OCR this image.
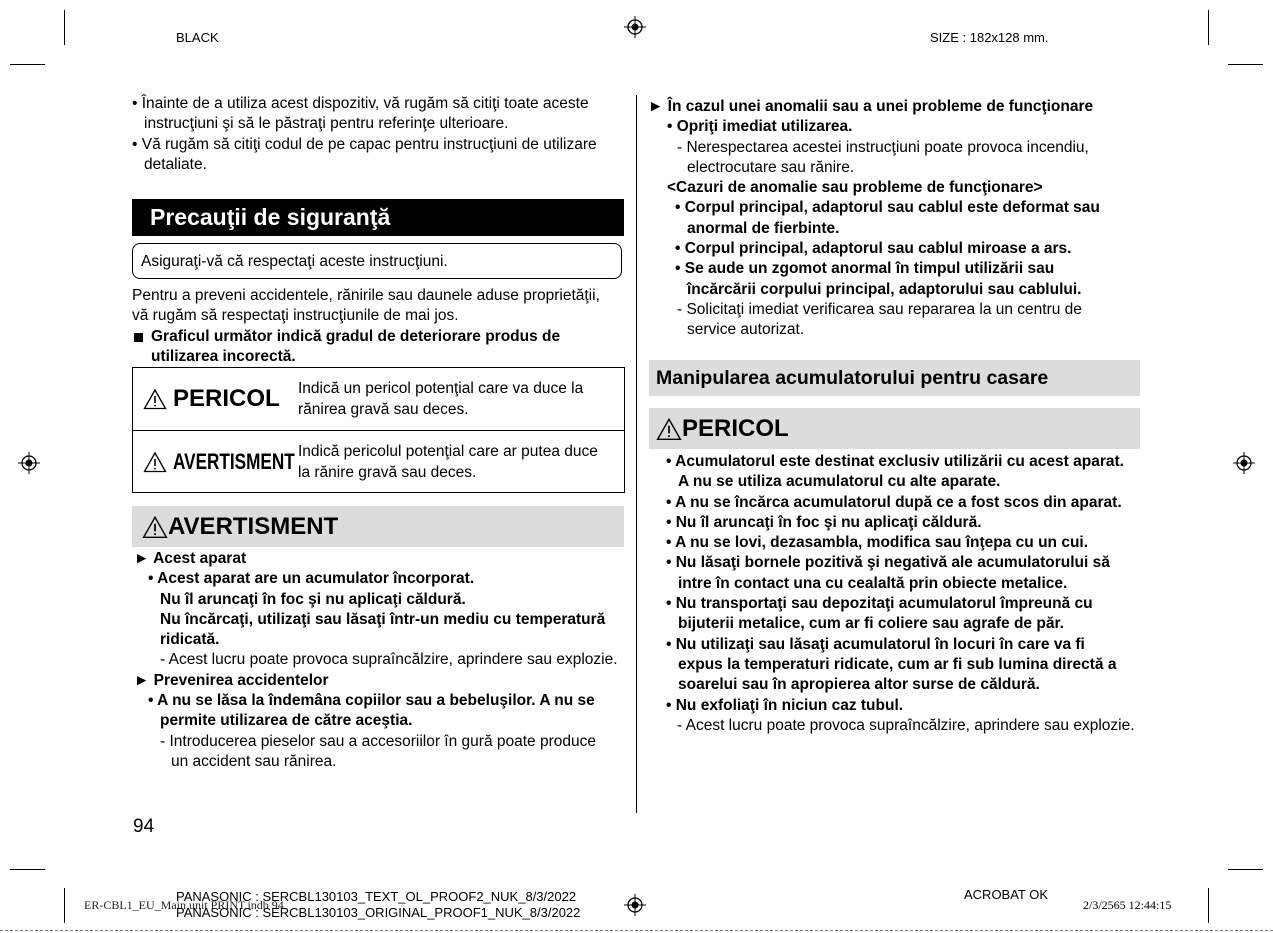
BLACK	SIZE : 182x128 mm.
• Înainte de a utiliza acest dispozitiv, vă rugăm să citiţi toate aceste
instrucţiuni şi să le păstraţi pentru referinţe ulterioare.
• Vă rugăm să citiţi codul de pe capac pentru instrucţiuni de utilizare
detaliate.
Precauţii de siguranţă
Asiguraţi-vă că respectaţi aceste instrucţiuni.
Pentru a preveni accidentele, rănirile sau daunele aduse proprietăţii,
vă rugăm să respectaţi instrucţiunile de mai jos.
Graficul următor indică gradul de deteriorare produs de
utilizarea incorectă.
PERICOL Indică un pericol potenţial care va duce la
rănirea gravă sau deces.
AVERTISMENT Indică pericolul potenţial care ar putea duce
la rănire gravă sau deces.
AVERTISMENT
► Acest aparat
• Acest aparat are un acumulator încorporat.
Nu îl aruncaţi în foc şi nu aplicaţi căldură.
Nu încărcaţi, utilizaţi sau lăsaţi într-un mediu cu temperatură
ridicată.
- Acest lucru poate provoca supraîncălzire, aprindere sau explozie.
► Prevenirea accidentelor
• A nu se lăsa la îndemâna copiilor sau a bebeluşilor. A nu se
permite utilizarea de către aceştia.
- Introducerea pieselor sau a accesoriilor în gură poate produce
un accident sau rănirea.
94
► În cazul unei anomalii sau a unei probleme de funcţionare
• Opriţi imediat utilizarea.
- Nerespectarea acestei instrucţiuni poate provoca incendiu,
electrocutare sau rănire.
<Cazuri de anomalie sau probleme de funcţionare>
• Corpul principal, adaptorul sau cablul este deformat sau
anormal de fierbinte.
• Corpul principal, adaptorul sau cablul miroase a ars.
• Se aude un zgomot anormal în timpul utilizării sau
încărcării corpului principal, adaptorului sau cablului.
- Solicitaţi imediat verificarea sau repararea la un centru de
service autorizat.
Manipularea acumulatorului pentru casare
PERICOL
• Acumulatorul este destinat exclusiv utilizării cu acest aparat.
A nu se utiliza acumulatorul cu alte aparate.
• A nu se încărca acumulatorul după ce a fost scos din aparat.
• Nu îl aruncaţi în foc şi nu aplicaţi căldură.
• A nu se lovi, dezasambla, modifica sau înţepa cu un cui.
• Nu lăsaţi bornele pozitivă şi negativă ale acumulatorului să
intre în contact una cu cealaltă prin obiecte metalice.
• Nu transportaţi sau depozitaţi acumulatorul împreună cu
bijuterii metalice, cum ar fi coliere sau agrafe de păr.
• Nu utilizaţi sau lăsaţi acumulatorul în locuri în care va fi
expus la temperaturi ridicate, cum ar fi sub lumina directă a
soarelui sau în apropierea altor surse de căldură.
• Nu exfoliaţi în niciun caz tubul.
- Acest lucru poate provoca supraîncălzire, aprindere sau explozie.
ER-CBL1_EU_Main unit PRINT.indb 94
PANASONIC : SERCBL130103_TEXT_OL_PROOF2_NUK_8/3/2022
PANASONIC : SERCBL130103_ORIGINAL_PROOF1_NUK_8/3/2022
ACROBAT OK
2/3/2565 12:44:15
